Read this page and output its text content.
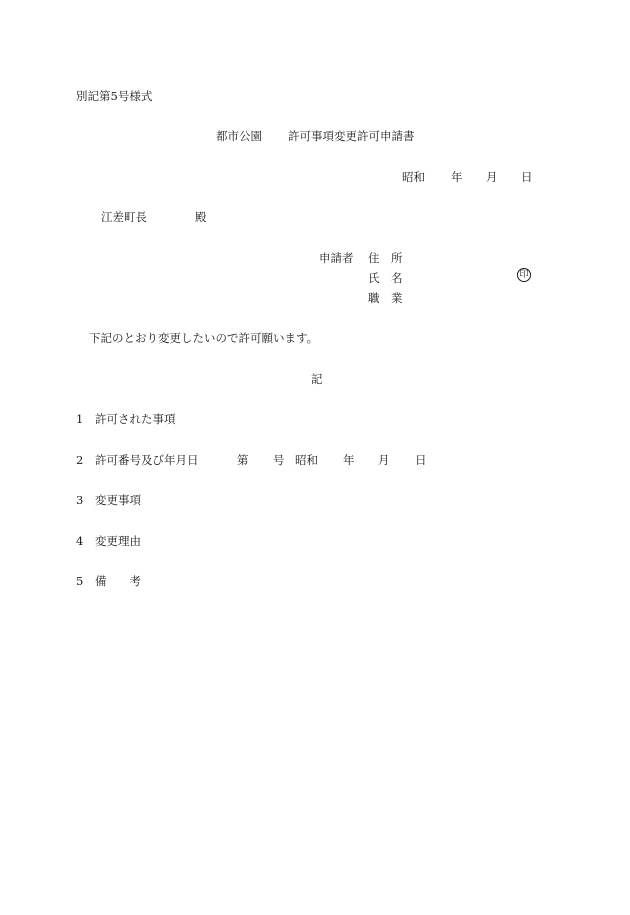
別記第5号様式
都市公園 許可事項変更許可申請書
昭和 年 月 日
江差町長	殿
申請者 住　所
氏　名	印
職　業
下記のとおり変更したいので許可願います。
記
1 許可された事項
2 許可番号及び年月日	第 号 昭和 年 月 日
3 変更事項
4 変更理由
5 備　　考
